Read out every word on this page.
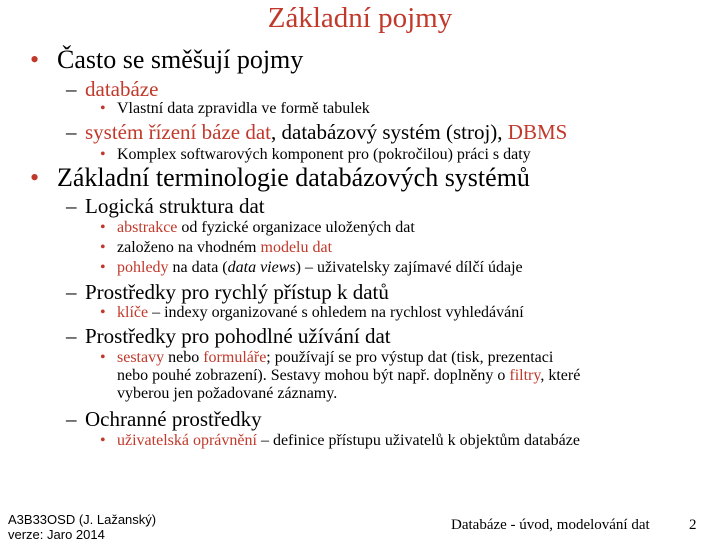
Základní pojmy
• Často se směšují pojmy
– databáze
• Vlastní data zpravidla ve formě tabulek
– systém řízení báze dat, databázový systém (stroj), DBMS
• Komplex softwarových komponent pro (pokročilou) práci s daty
• Základní terminologie databázových systémů
– Logická struktura dat
• abstrakce od fyzické organizace uložených dat
• založeno na vhodném modelu dat
• pohledy na data (data views) – uživatelsky zajímavé dílčí údaje
– Prostředky pro rychlý přístup k datů
• klíče – indexy organizované s ohledem na rychlost vyhledávání
– Prostředky pro pohodlné užívání dat
• sestavy nebo formuláře; používají se pro výstup dat (tisk, prezentaci
nebo pouhé zobrazení). Sestavy mohou být např. doplněny o filtry, které
vyberou jen požadované záznamy.
– Ochranné prostředky
• uživatelská oprávnění – definice přístupu uživatelů k objektům databáze
A3B33OSD (J. Lažanský)
verze: Jaro 2014
Databáze - úvod, modelování dat	2
